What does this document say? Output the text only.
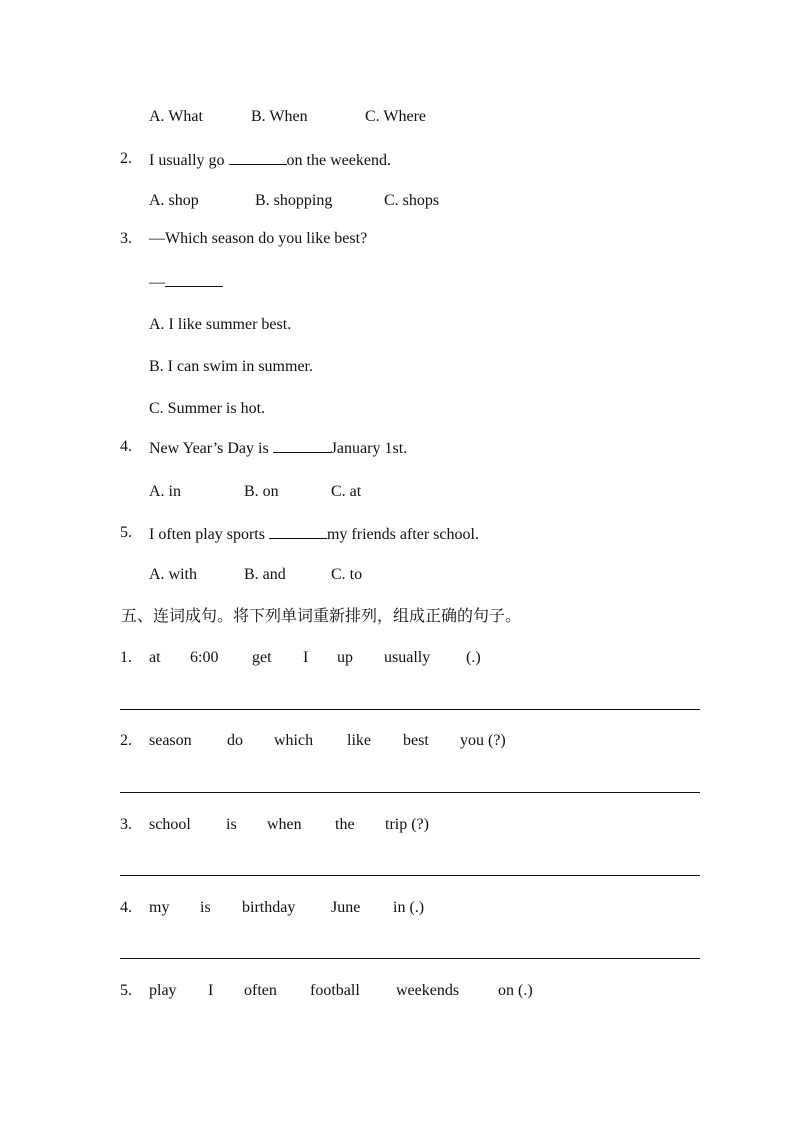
A. What	B. When	C. Where
2. I usually go	on the weekend.
A. shop	B. shopping	C. shops
3. —Which season do you like best?
—
A. I like summer best.
B. I can swim in summer.
C. Summer is hot.
4. New Year’s Day is	January 1st.
A. in	B. on	C. at
5. I often play sports	my friends after school.
A. with	B. and	C. to
五、连词成句。将下列单词重新排列，组成正确的句子。
1. at 6:00 get I up usually (.)
2. season do which like best you (?)
3. school is when the trip (?)
4. my is birthday June in (.)
5. play I often football weekends on (.)
